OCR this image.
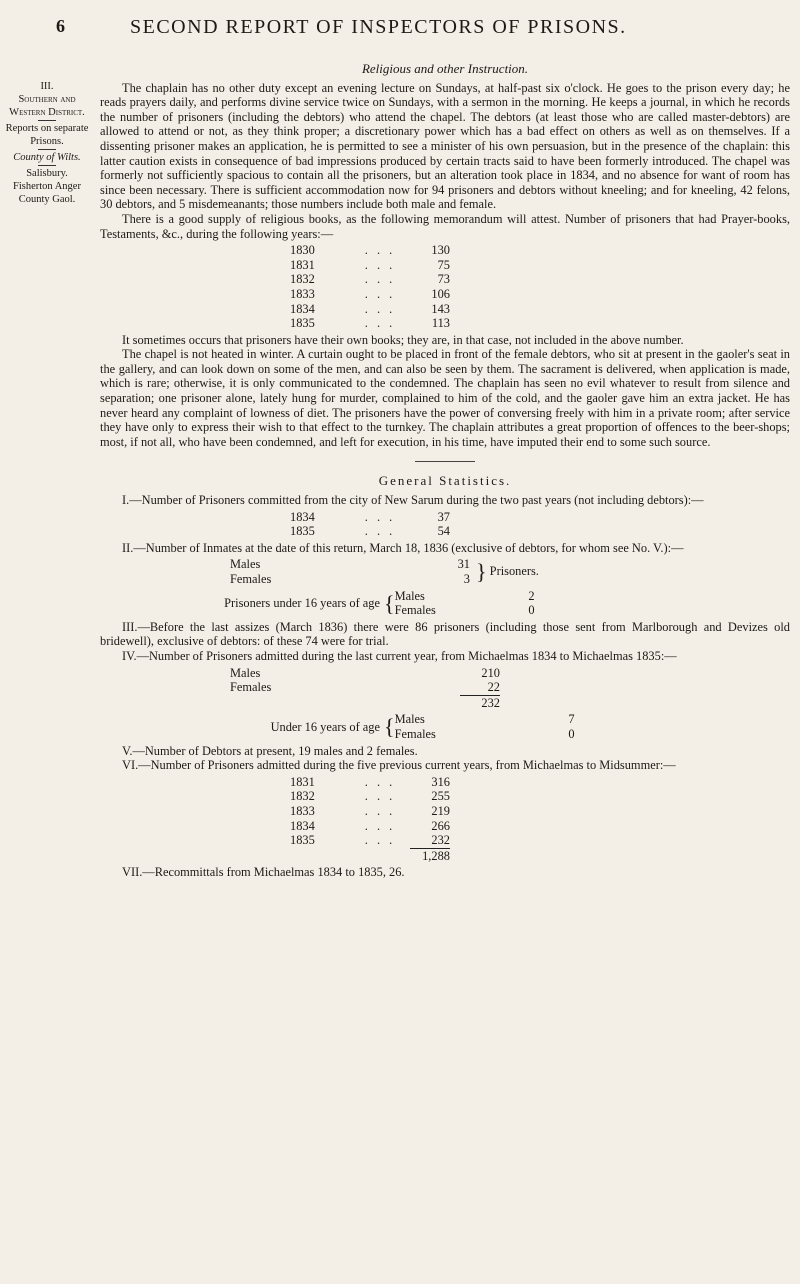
6	SECOND REPORT OF INSPECTORS OF PRISONS.
III.
Southern and Western District.
Reports on separate Prisons.
County of Wilts.
Salisbury.
Fisherton Anger County Gaol.
Religious and other Instruction.

The chaplain has no other duty except an evening lecture on Sundays, at half-past six o'clock. He goes to the prison every day; he reads prayers daily, and performs divine service twice on Sundays, with a sermon in the morning. He keeps a journal, in which he records the number of prisoners (including the debtors) who attend the chapel. The debtors (at least those who are called master-debtors) are allowed to attend or not, as they think proper; a discretionary power which has a bad effect on others as well as on themselves. If a dissenting prisoner makes an application, he is permitted to see a minister of his own persuasion, but in the presence of the chaplain: this latter caution exists in consequence of bad impressions produced by certain tracts said to have been formerly introduced. The chapel was formerly not sufficiently spacious to contain all the prisoners, but an alteration took place in 1834, and no absence for want of room has since been necessary. There is sufficient accommodation now for 94 prisoners and debtors without kneeling; and for kneeling, 42 felons, 30 debtors, and 5 misdemeanants; those numbers include both male and female.

There is a good supply of religious books, as the following memorandum will attest. Number of prisoners that had Prayer-books, Testaments, &c., during the following years:—

1830	. . .	130
1831	. . .	75
1832	. . .	73
1833	. . .	106
1834	. . .	143
1835	. . .	113

It sometimes occurs that prisoners have their own books; they are, in that case, not included in the above number.

The chapel is not heated in winter. A curtain ought to be placed in front of the female debtors, who sit at present in the gaoler's seat in the gallery, and can look down on some of the men, and can also be seen by them. The sacrament is delivered, when application is made, which is rare; otherwise, it is only communicated to the condemned. The chaplain has seen no evil whatever to result from silence and separation; one prisoner alone, lately hung for murder, complained to him of the cold, and the gaoler gave him an extra jacket. He has never heard any complaint of lowness of diet. The prisoners have the power of conversing freely with him in a private room; after service they have only to express their wish to that effect to the turnkey. The chaplain attributes a great proportion of offences to the beer-shops; most, if not all, who have been condemned, and left for execution, in his time, have imputed their end to some such source.

General Statistics.

I.—Number of Prisoners committed from the city of New Sarum during the two past years (not including debtors):—

1834	. . .	37
1835	. . .	54

II.—Number of Inmates at the date of this return, March 18, 1836 (exclusive of debtors, for whom see No. V.):—

Males	31	} Prisoners.
Females	3	
Prisoners under 16 years of age	{	Males	2
		Females	0

III.—Before the last assizes (March 1836) there were 86 prisoners (including those sent from Marlborough and Devizes old bridewell), exclusive of debtors: of these 74 were for trial.

IV.—Number of Prisoners admitted during the last current year, from Michaelmas 1834 to Michaelmas 1835:—

Males	210
Females	22
	232
Under 16 years of age	{	Males	7
		Females	0

V.—Number of Debtors at present, 19 males and 2 females.

VI.—Number of Prisoners admitted during the five previous current years, from Michaelmas to Midsummer:—

1831	. . .	316
1832	. . .	255
1833	. . .	219
1834	. . .	266
1835	. . .	232
		1,288

VII.—Recommittals from Michaelmas 1834 to 1835, 26.
